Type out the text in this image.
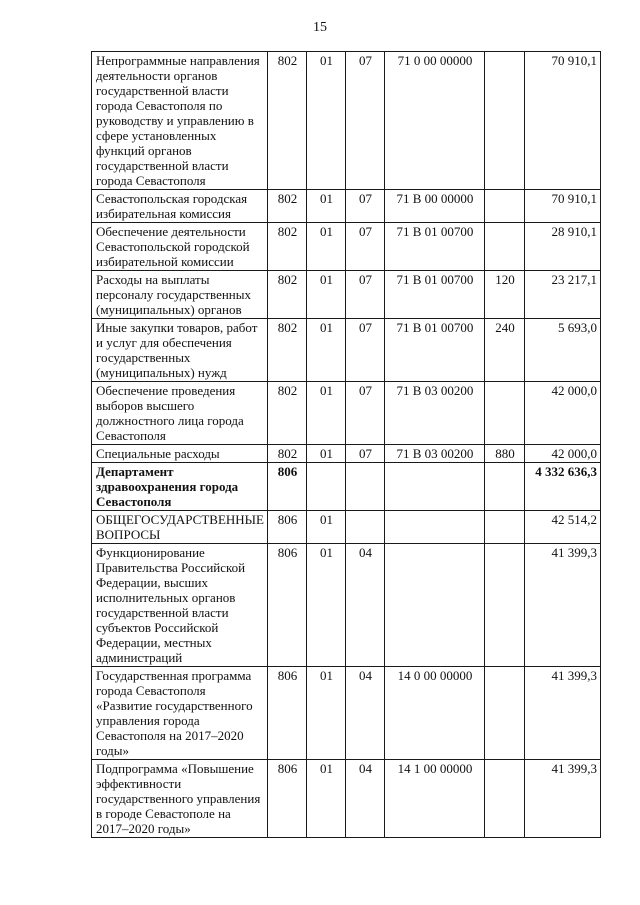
15
Непрограммные направления деятельности органов государственной власти города Севастополя по руководству и управлению в сфере установленных функций органов государственной власти города Севастополя	802	01	07	71 0 00 00000		70 910,1
Севастопольская городская избирательная комиссия	802	01	07	71 В 00 00000		70 910,1
Обеспечение деятельности Севастопольской городской избирательной комиссии	802	01	07	71 В 01 00700		28 910,1
Расходы на выплаты персоналу государственных (муниципальных) органов	802	01	07	71 В 01 00700	120	23 217,1
Иные закупки товаров, работ и услуг для обеспечения государственных (муниципальных) нужд	802	01	07	71 В 01 00700	240	5 693,0
Обеспечение проведения выборов высшего должностного лица города Севастополя	802	01	07	71 В 03 00200		42 000,0
Специальные расходы	802	01	07	71 В 03 00200	880	42 000,0
Департамент здравоохранения города Севастополя	806					4 332 636,3
ОБЩЕГОСУДАРСТВЕННЫЕ ВОПРОСЫ	806	01				42 514,2
Функционирование Правительства Российской Федерации, высших исполнительных органов государственной власти субъектов Российской Федерации, местных администраций	806	01	04			41 399,3
Государственная программа города Севастополя «Развитие государственного управления города Севастополя на 2017–2020 годы»	806	01	04	14 0 00 00000		41 399,3
Подпрограмма «Повышение эффективности государственного управления в городе Севастополе на 2017–2020 годы»	806	01	04	14 1 00 00000		41 399,3
